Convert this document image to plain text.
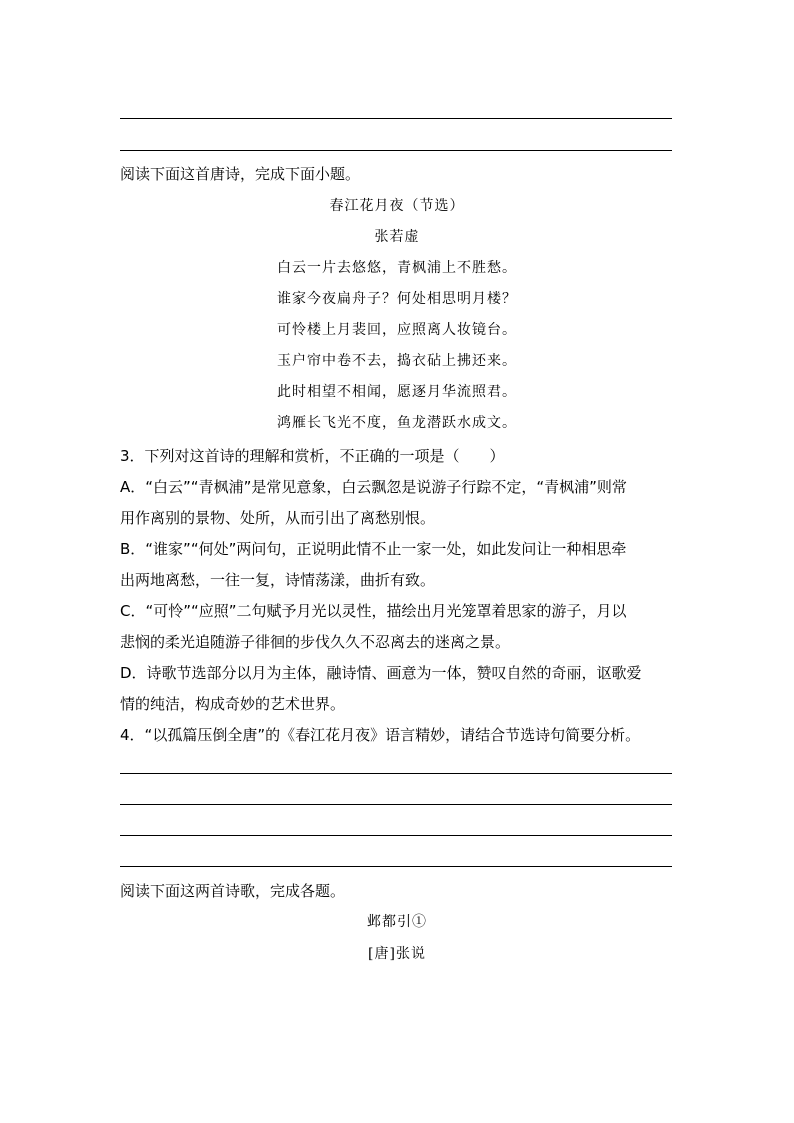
阅读下面这首唐诗，完成下面小题。
春江花月夜（节选）
张若虚
白云一片去悠悠，青枫浦上不胜愁。
谁家今夜扁舟子？何处相思明月楼？
可怜楼上月裴回，应照离人妆镜台。
玉户帘中卷不去，捣衣砧上拂还来。
此时相望不相闻，愿逐月华流照君。
鸿雁长飞光不度，鱼龙潜跃水成文。
3．下列对这首诗的理解和赏析，不正确的一项是（　　）
A．“白云”“青枫浦”是常见意象，白云飘忽是说游子行踪不定，“青枫浦”则常
用作离别的景物、处所，从而引出了离愁别恨。
B．“谁家”“何处”两问句，正说明此情不止一家一处，如此发问让一种相思牵
出两地离愁，一往一复，诗情荡漾，曲折有致。
C．“可怜”“应照”二句赋予月光以灵性，描绘出月光笼罩着思家的游子，月以
悲悯的柔光追随游子徘徊的步伐久久不忍离去的迷离之景。
D．诗歌节选部分以月为主体，融诗情、画意为一体，赞叹自然的奇丽，讴歌爱
情的纯洁，构成奇妙的艺术世界。
4．“以孤篇压倒全唐”的《春江花月夜》语言精妙，请结合节选诗句简要分析。
阅读下面这两首诗歌，完成各题。
邺都引①
[唐]张说
